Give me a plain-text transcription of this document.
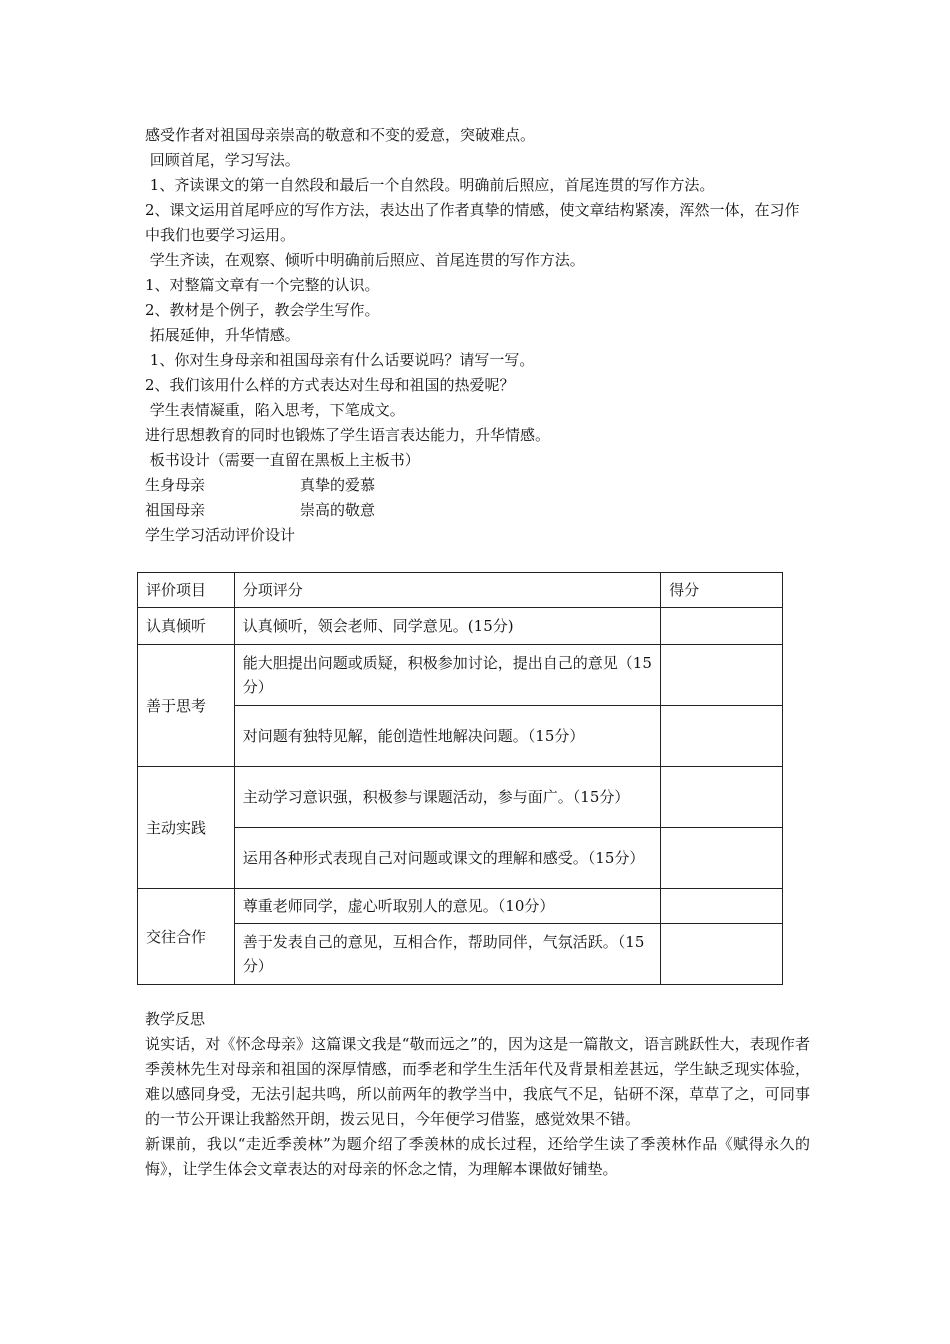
感受作者对祖国母亲崇高的敬意和不变的爱意，突破难点。

回顾首尾，学习写法。

1、齐读课文的第一自然段和最后一个自然段。明确前后照应，首尾连贯的写作方法。

2、课文运用首尾呼应的写作方法，表达出了作者真挚的情感，使文章结构紧凑，浑然一体，在习作中我们也要学习运用。

学生齐读，在观察、倾听中明确前后照应、首尾连贯的写作方法。

1、对整篇文章有一个完整的认识。

2、教材是个例子，教会学生写作。

拓展延伸，升华情感。

1、你对生身母亲和祖国母亲有什么话要说吗？请写一写。

2、我们该用什么样的方式表达对生母和祖国的热爱呢？

学生表情凝重，陷入思考，下笔成文。

进行思想教育的同时也锻炼了学生语言表达能力，升华情感。

板书设计（需要一直留在黑板上主板书）

生身母亲	真挚的爱慕
祖国母亲	崇高的敬意

学生学习活动评价设计

评价项目	分项评分	得分
认真倾听	认真倾听，领会老师、同学意见。(15分)	
善于思考	能大胆提出问题或质疑，积极参加讨论，提出自己的意见（15分）	
	对问题有独特见解，能创造性地解决问题。（15分）	
主动实践	主动学习意识强，积极参与课题活动，参与面广。（15分）	
	运用各种形式表现自己对问题或课文的理解和感受。（15分）	
交往合作	尊重老师同学，虚心听取别人的意见。（10分）	
	善于发表自己的意见，互相合作，帮助同伴，气氛活跃。（15分）	

教学反思

说实话，对《怀念母亲》这篇课文我是“敬而远之”的，因为这是一篇散文，语言跳跃性大，表现作者季羡林先生对母亲和祖国的深厚情感，而季老和学生生活年代及背景相差甚远，学生缺乏现实体验，难以感同身受，无法引起共鸣，所以前两年的教学当中，我底气不足，钻研不深，草草了之，可同事的一节公开课让我豁然开朗，拨云见日，今年便学习借鉴，感觉效果不错。

新课前，我以“走近季羡林”为题介绍了季羡林的成长过程，还给学生读了季羡林作品《赋得永久的悔》，让学生体会文章表达的对母亲的怀念之情，为理解本课做好铺垫。
